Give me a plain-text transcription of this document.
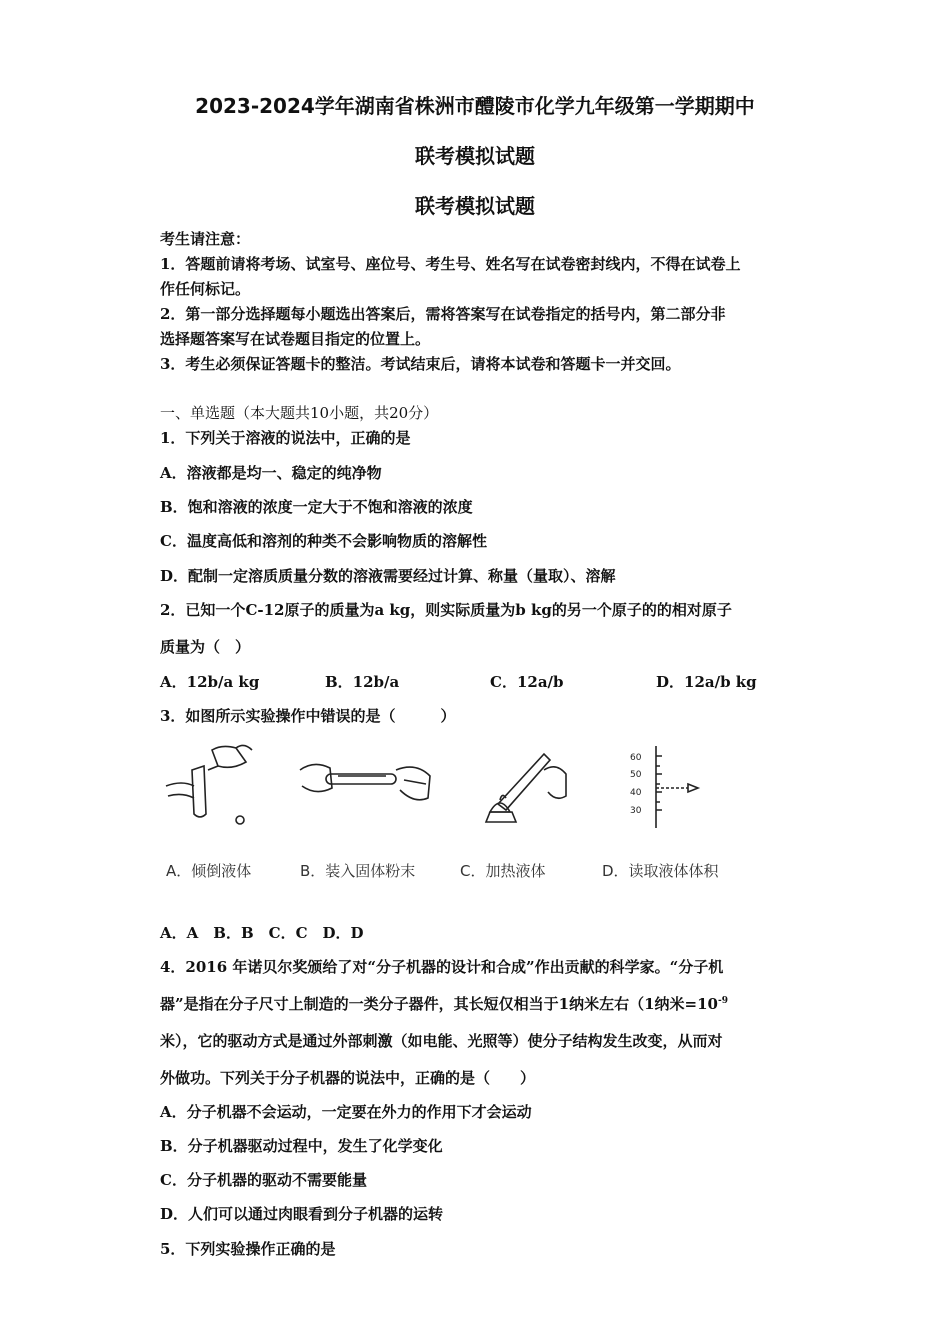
2023-2024学年湖南省株洲市醴陵市化学九年级第一学期期中
联考模拟试题
联考模拟试题
考生请注意：
1．答题前请将考场、试室号、座位号、考生号、姓名写在试卷密封线内，不得在试卷上
作任何标记。
2．第一部分选择题每小题选出答案后，需将答案写在试卷指定的括号内，第二部分非
选择题答案写在试卷题目指定的位置上。
3．考生必须保证答题卡的整洁。考试结束后，请将本试卷和答题卡一并交回。
一、单选题（本大题共10小题，共20分）
1．下列关于溶液的说法中，正确的是
A．溶液都是均一、稳定的纯净物
B．饱和溶液的浓度一定大于不饱和溶液的浓度
C．温度高低和溶剂的种类不会影响物质的溶解性
D．配制一定溶质质量分数的溶液需要经过计算、称量（量取）、溶解
2．已知一个C-12原子的质量为a kg，则实际质量为b kg的另一个原子的的相对原子
质量为（　）
A．12b/a kg	B．12b/a	C．12a/b	D．12a/b kg
3．如图所示实验操作中错误的是（　　　）
60
50
40
30
A．倾倒液体	B．装入固体粉末	C．加热液体	D．读取液体体积
A．A　B．B　C．C　D．D
4．2016 年诺贝尔奖颁给了对“分子机器的设计和合成”作出贡献的科学家。“分子机
器”是指在分子尺寸上制造的一类分子器件，其长短仅相当于1纳米左右（1纳米$=10^{-9}$
米），它的驱动方式是通过外部刺激（如电能、光照等）使分子结构发生改变，从而对
外做功。下列关于分子机器的说法中，正确的是（　　）
A．分子机器不会运动，一定要在外力的作用下才会运动
B．分子机器驱动过程中，发生了化学变化
C．分子机器的驱动不需要能量
D．人们可以通过肉眼看到分子机器的运转
5．下列实验操作正确的是
